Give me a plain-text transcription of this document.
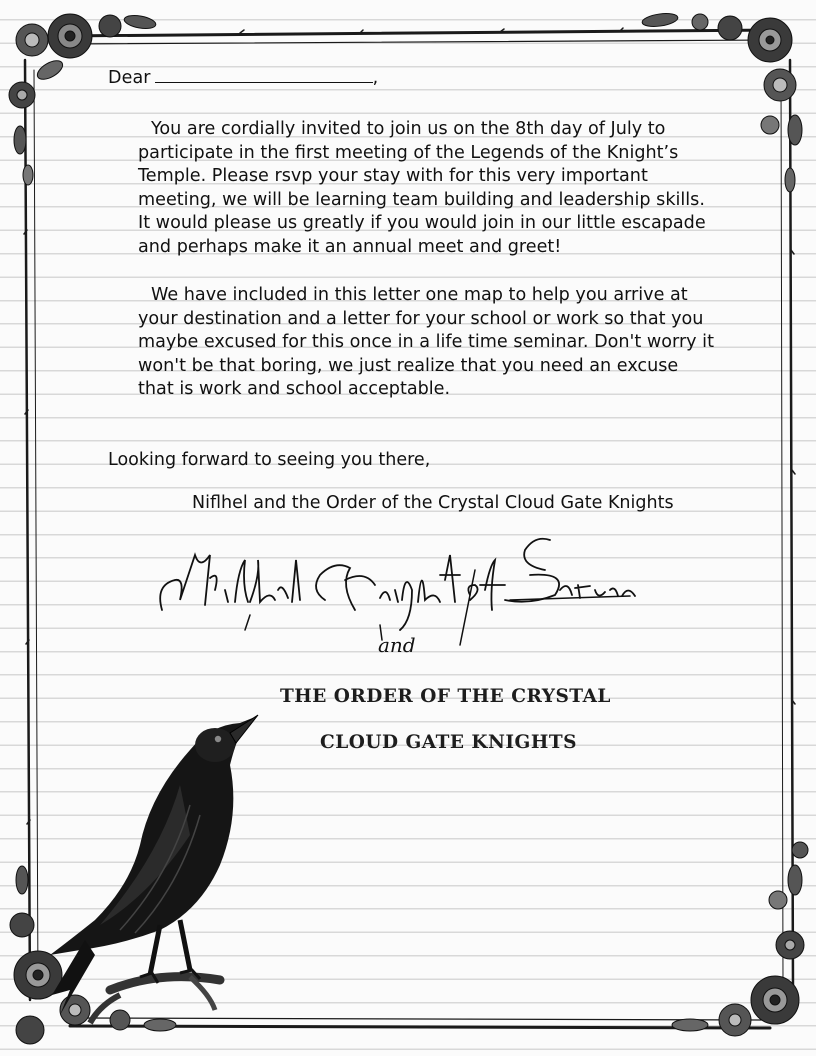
and
Dear	,
You are cordially invited to join us on the 8th day of July to participate in the first meeting of the Legends of the Knight’s Temple. Please rsvp your stay with for this very important meeting, we will be learning team building and leadership skills. It would please us greatly if you would join in our little escapade and perhaps make it an annual meet and greet!
We have included in this letter one map to help you arrive at your destination and a letter for your school or work so that you maybe excused for this once in a life time seminar. Don't worry it won't be that boring, we just realize that you need an excuse that is work and school acceptable.
Looking forward to seeing you there,
Niflhel and the Order of the Crystal Cloud Gate Knights
THE ORDER OF THE CRYSTAL
CLOUD GATE KNIGHTS
